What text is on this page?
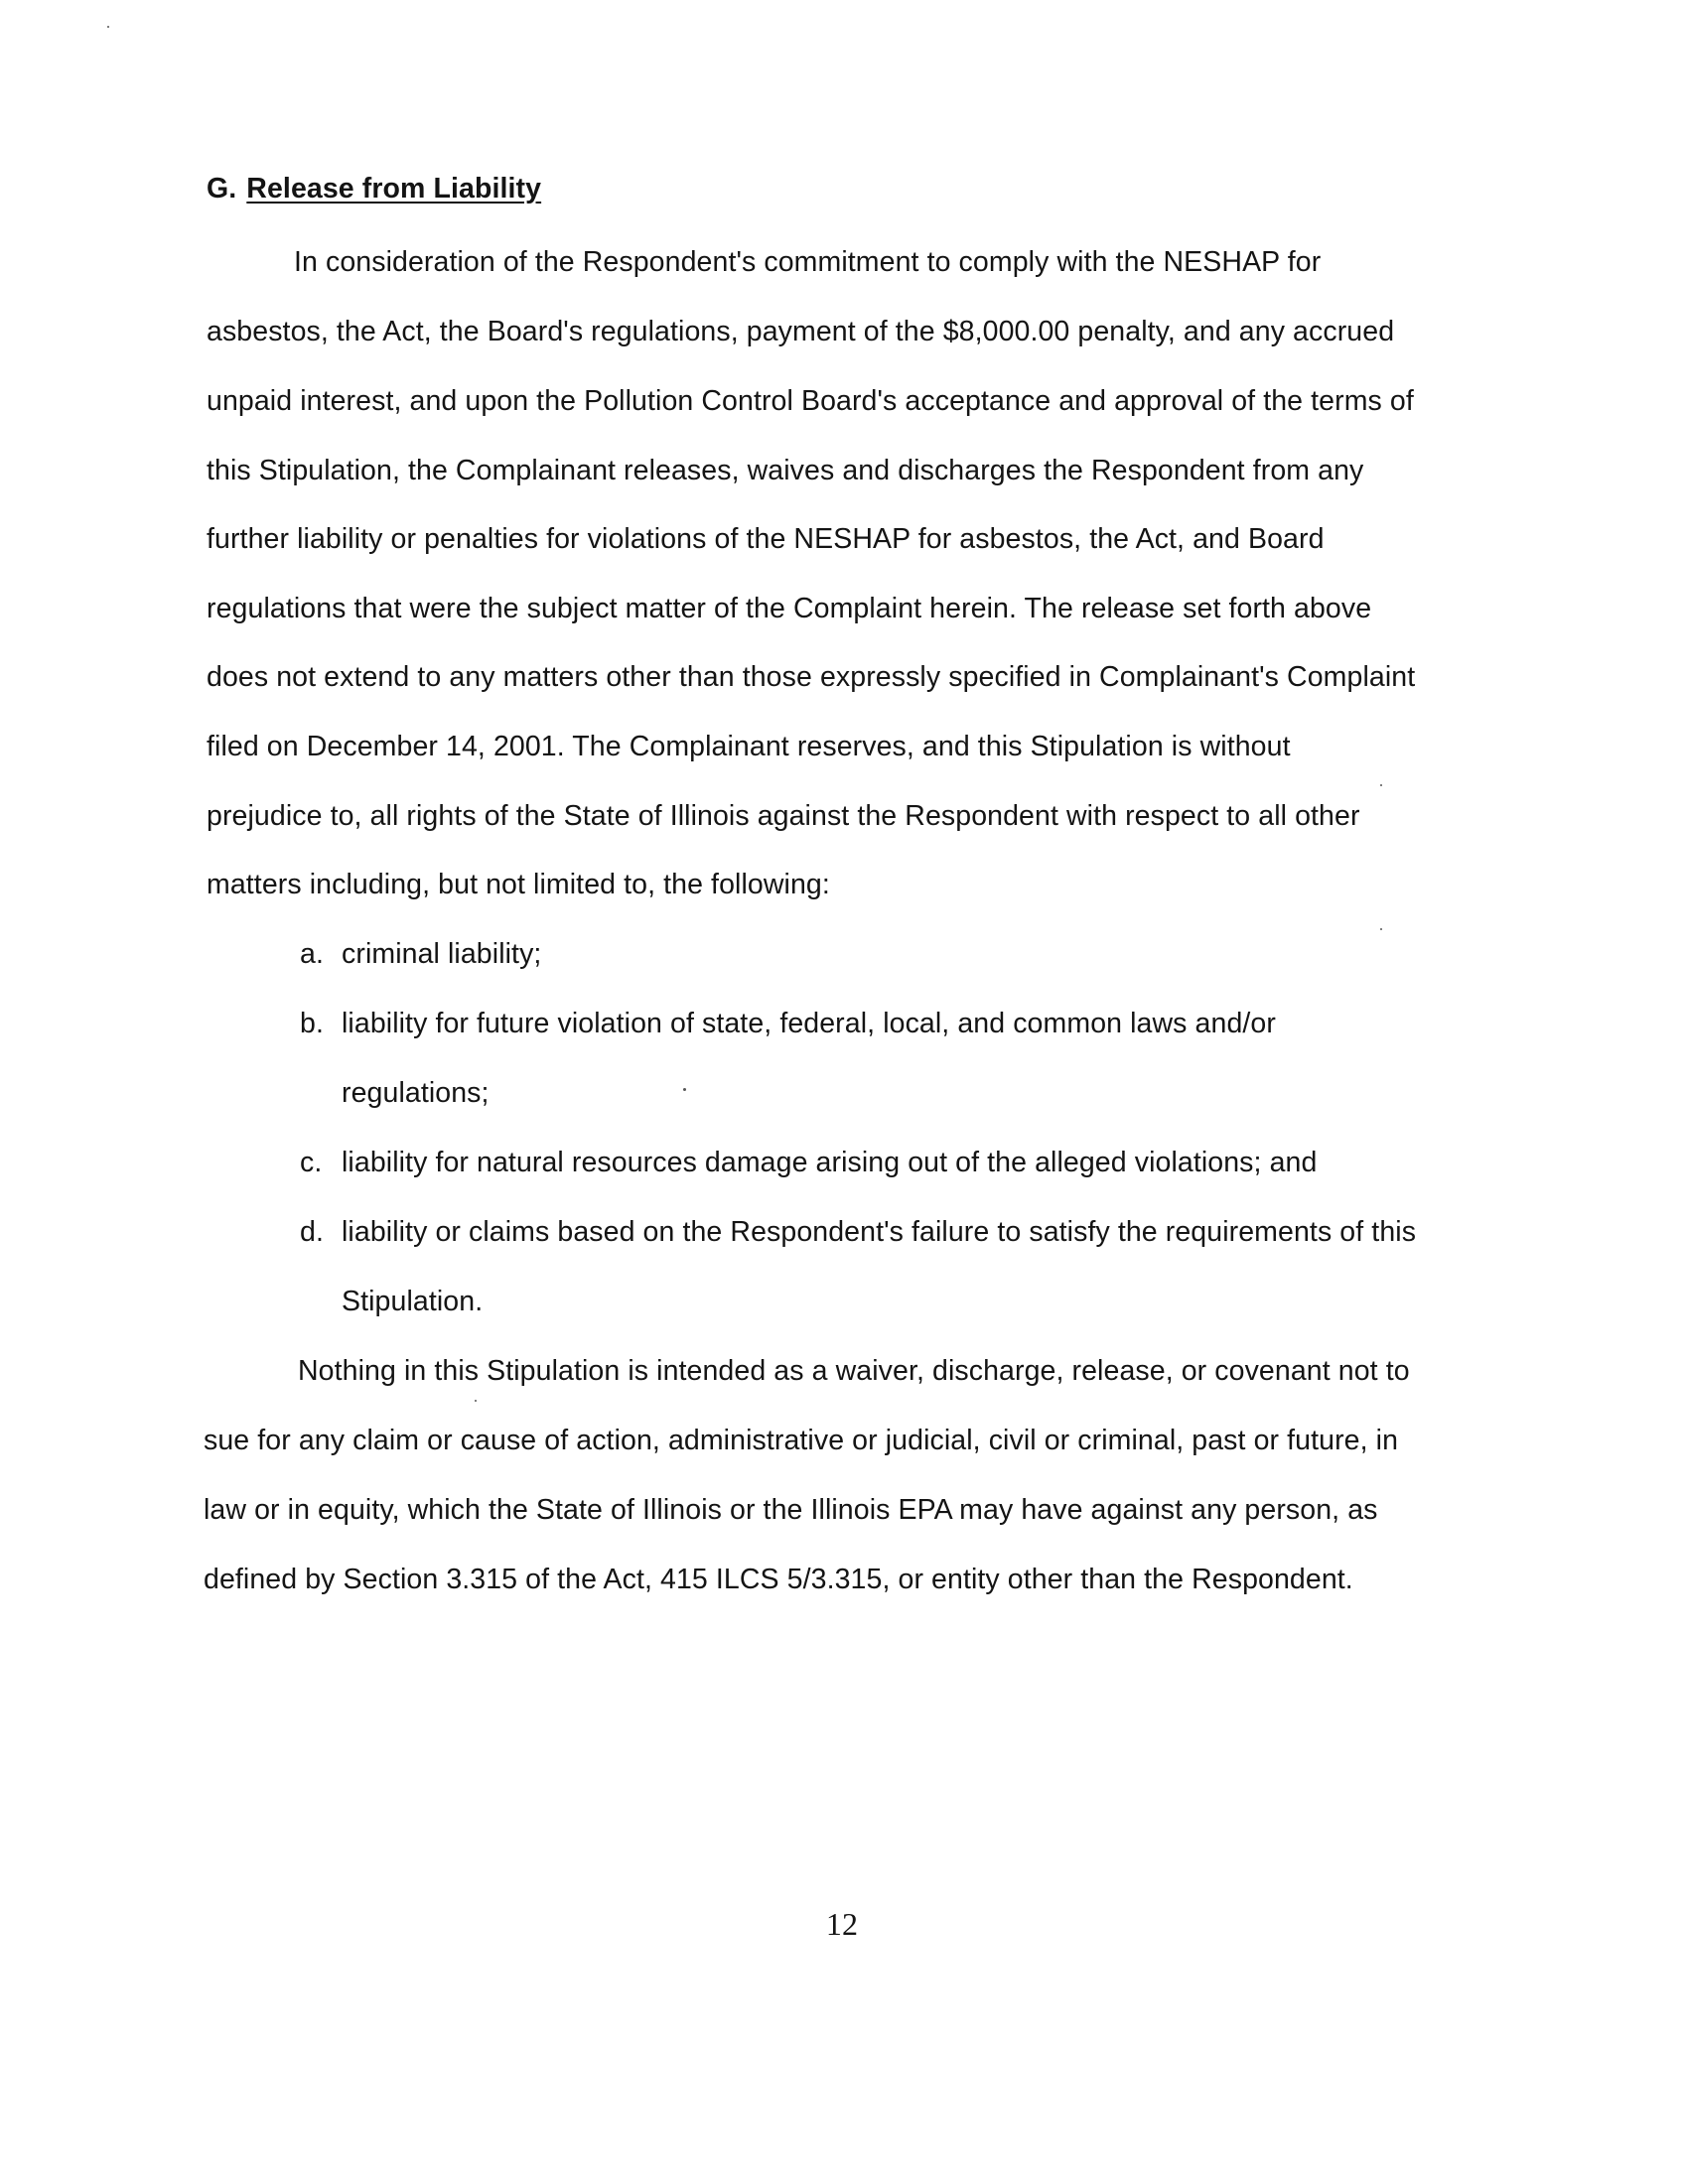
G. Release from Liability
In consideration of the Respondent's commitment to comply with the NESHAP for
asbestos, the Act, the Board's regulations, payment of the $8,000.00 penalty, and any accrued
unpaid interest, and upon the Pollution Control Board's acceptance and approval of the terms of
this Stipulation, the Complainant releases, waives and discharges the Respondent from any
further liability or penalties for violations of the NESHAP for asbestos, the Act, and Board
regulations that were the subject matter of the Complaint herein. The release set forth above
does not extend to any matters other than those expressly specified in Complainant's Complaint
filed on December 14, 2001. The Complainant reserves, and this Stipulation is without
prejudice to, all rights of the State of Illinois against the Respondent with respect to all other
matters including, but not limited to, the following:
a. criminal liability;
b. liability for future violation of state, federal, local, and common laws and/or
regulations;
c. liability for natural resources damage arising out of the alleged violations; and
d. liability or claims based on the Respondent's failure to satisfy the requirements of this
Stipulation.
Nothing in this Stipulation is intended as a waiver, discharge, release, or covenant not to
sue for any claim or cause of action, administrative or judicial, civil or criminal, past or future, in
law or in equity, which the State of Illinois or the Illinois EPA may have against any person, as
defined by Section 3.315 of the Act, 415 ILCS 5/3.315, or entity other than the Respondent.
12
